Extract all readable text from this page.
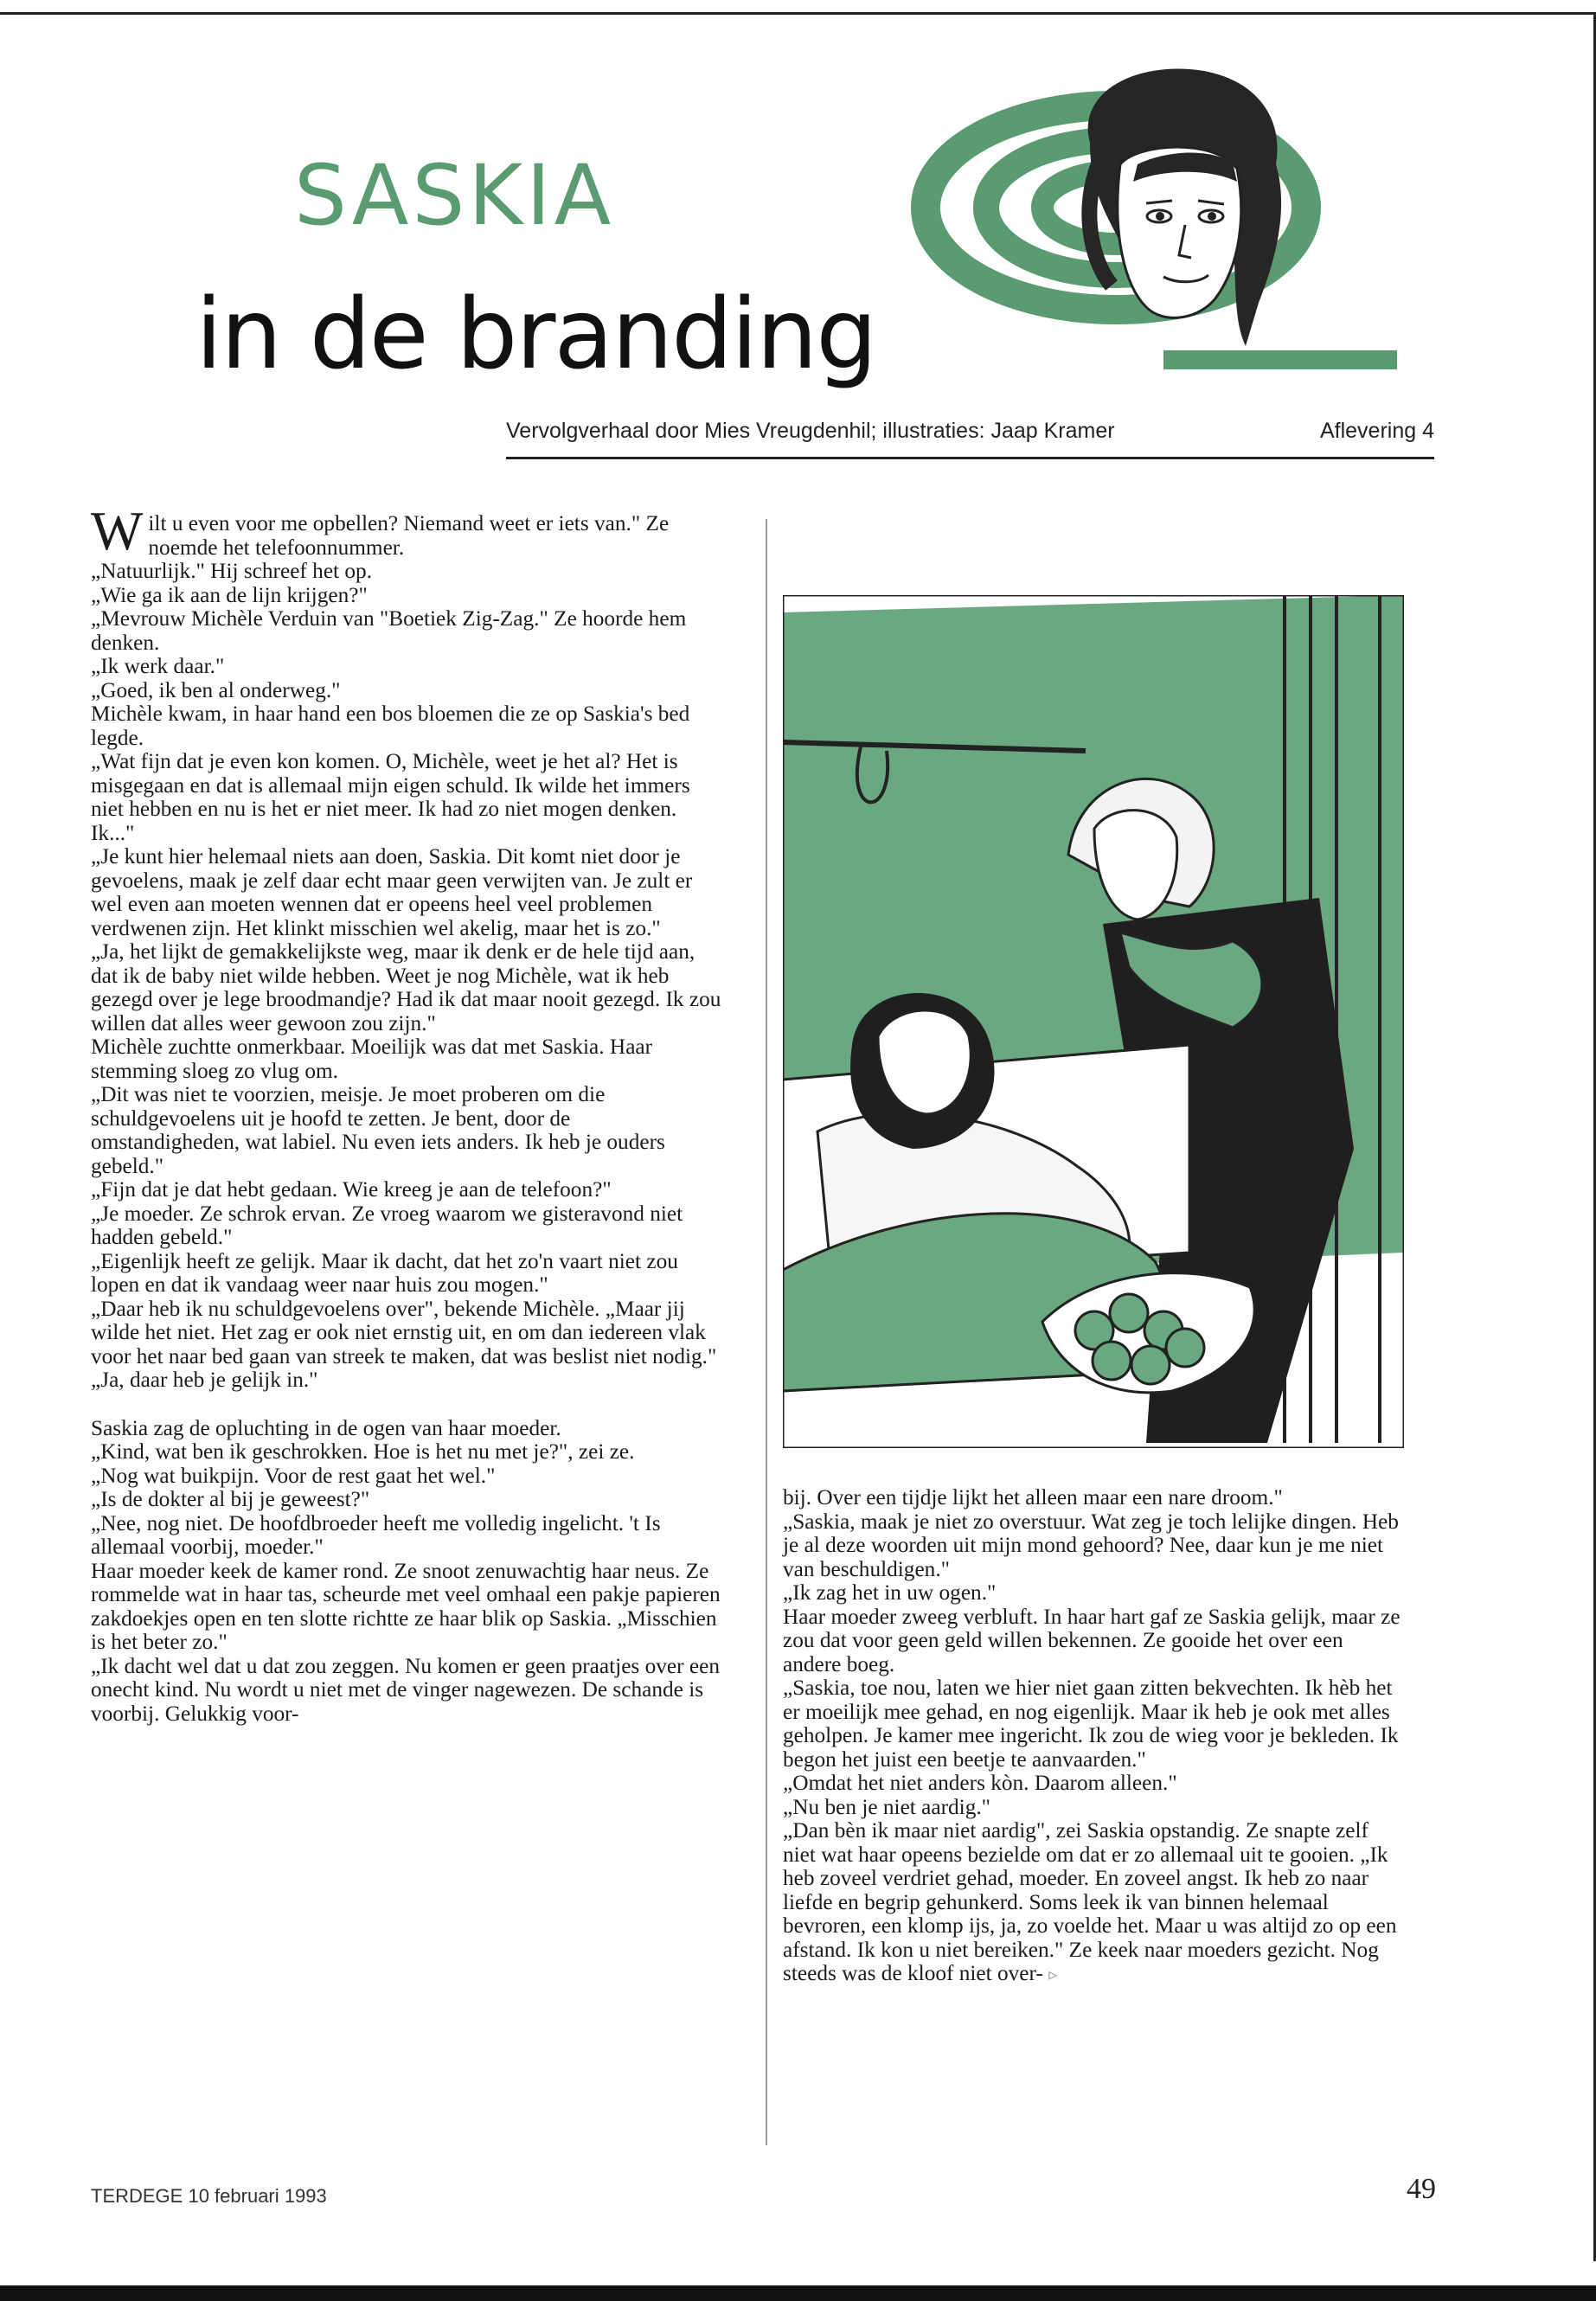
SASKIA
in de branding
Vervolgverhaal door Mies Vreugdenhil; illustraties: Jaap Kramer	Aflevering 4

Wilt u even voor me opbellen? Niemand weet er iets van." Ze noemde het telefoonnummer.

„Natuurlijk." Hij schreef het op.

„Wie ga ik aan de lijn krijgen?"

„Mevrouw Michèle Verduin van "Boetiek Zig-Zag." Ze hoorde hem denken.

„Ik werk daar."

„Goed, ik ben al onderweg."

Michèle kwam, in haar hand een bos bloemen die ze op Saskia's bed legde.

„Wat fijn dat je even kon komen. O, Michèle, weet je het al? Het is misgegaan en dat is allemaal mijn eigen schuld. Ik wilde het immers niet hebben en nu is het er niet meer. Ik had zo niet mogen denken. Ik..."

„Je kunt hier helemaal niets aan doen, Saskia. Dit komt niet door je gevoelens, maak je zelf daar echt maar geen verwijten van. Je zult er wel even aan moeten wennen dat er opeens heel veel problemen verdwenen zijn. Het klinkt misschien wel akelig, maar het is zo."

„Ja, het lijkt de gemakkelijkste weg, maar ik denk er de hele tijd aan, dat ik de baby niet wilde hebben. Weet je nog Michèle, wat ik heb gezegd over je lege broodmandje? Had ik dat maar nooit gezegd. Ik zou willen dat alles weer gewoon zou zijn."

Michèle zuchtte onmerkbaar. Moeilijk was dat met Saskia. Haar stemming sloeg zo vlug om.

„Dit was niet te voorzien, meisje. Je moet proberen om die schuldgevoelens uit je hoofd te zetten. Je bent, door de omstandigheden, wat labiel. Nu even iets anders. Ik heb je ouders gebeld."

„Fijn dat je dat hebt gedaan. Wie kreeg je aan de telefoon?"

„Je moeder. Ze schrok ervan. Ze vroeg waarom we gisteravond niet hadden gebeld."

„Eigenlijk heeft ze gelijk. Maar ik dacht, dat het zo'n vaart niet zou lopen en dat ik vandaag weer naar huis zou mogen."

„Daar heb ik nu schuldgevoelens over", bekende Michèle. „Maar jij wilde het niet. Het zag er ook niet ernstig uit, en om dan iedereen vlak voor het naar bed gaan van streek te maken, dat was beslist niet nodig."

„Ja, daar heb je gelijk in."

Saskia zag de opluchting in de ogen van haar moeder.

„Kind, wat ben ik geschrokken. Hoe is het nu met je?", zei ze.

„Nog wat buikpijn. Voor de rest gaat het wel."

„Is de dokter al bij je geweest?"

„Nee, nog niet. De hoofdbroeder heeft me volledig ingelicht. 't Is allemaal voorbij, moeder."

Haar moeder keek de kamer rond. Ze snoot zenuwachtig haar neus. Ze rommelde wat in haar tas, scheurde met veel omhaal een pakje papieren zakdoekjes open en ten slotte richtte ze haar blik op Saskia. „Misschien is het beter zo."

„Ik dacht wel dat u dat zou zeggen. Nu komen er geen praatjes over een onecht kind. Nu wordt u niet met de vinger nagewezen. De schande is voorbij. Gelukkig voor-

bij. Over een tijdje lijkt het alleen maar een nare droom."

„Saskia, maak je niet zo overstuur. Wat zeg je toch lelijke dingen. Heb je al deze woorden uit mijn mond gehoord? Nee, daar kun je me niet van beschuldigen."

„Ik zag het in uw ogen."

Haar moeder zweeg verbluft. In haar hart gaf ze Saskia gelijk, maar ze zou dat voor geen geld willen bekennen. Ze gooide het over een andere boeg.

„Saskia, toe nou, laten we hier niet gaan zitten bekvechten. Ik hèb het er moeilijk mee gehad, en nog eigenlijk. Maar ik heb je ook met alles geholpen. Je kamer mee ingericht. Ik zou de wieg voor je bekleden. Ik begon het juist een beetje te aanvaarden."

„Omdat het niet anders kòn. Daarom alleen."

„Nu ben je niet aardig."

„Dan bèn ik maar niet aardig", zei Saskia opstandig. Ze snapte zelf niet wat haar opeens bezielde om dat er zo allemaal uit te gooien. „Ik heb zoveel verdriet gehad, moeder. En zoveel angst. Ik heb zo naar liefde en begrip gehunkerd. Soms leek ik van binnen helemaal bevroren, een klomp ijs, ja, zo voelde het. Maar u was altijd zo op een afstand. Ik kon u niet bereiken." Ze keek naar moeders gezicht. Nog steeds was de kloof niet over- ▹

TERDEGE 10 februari 1993	49
